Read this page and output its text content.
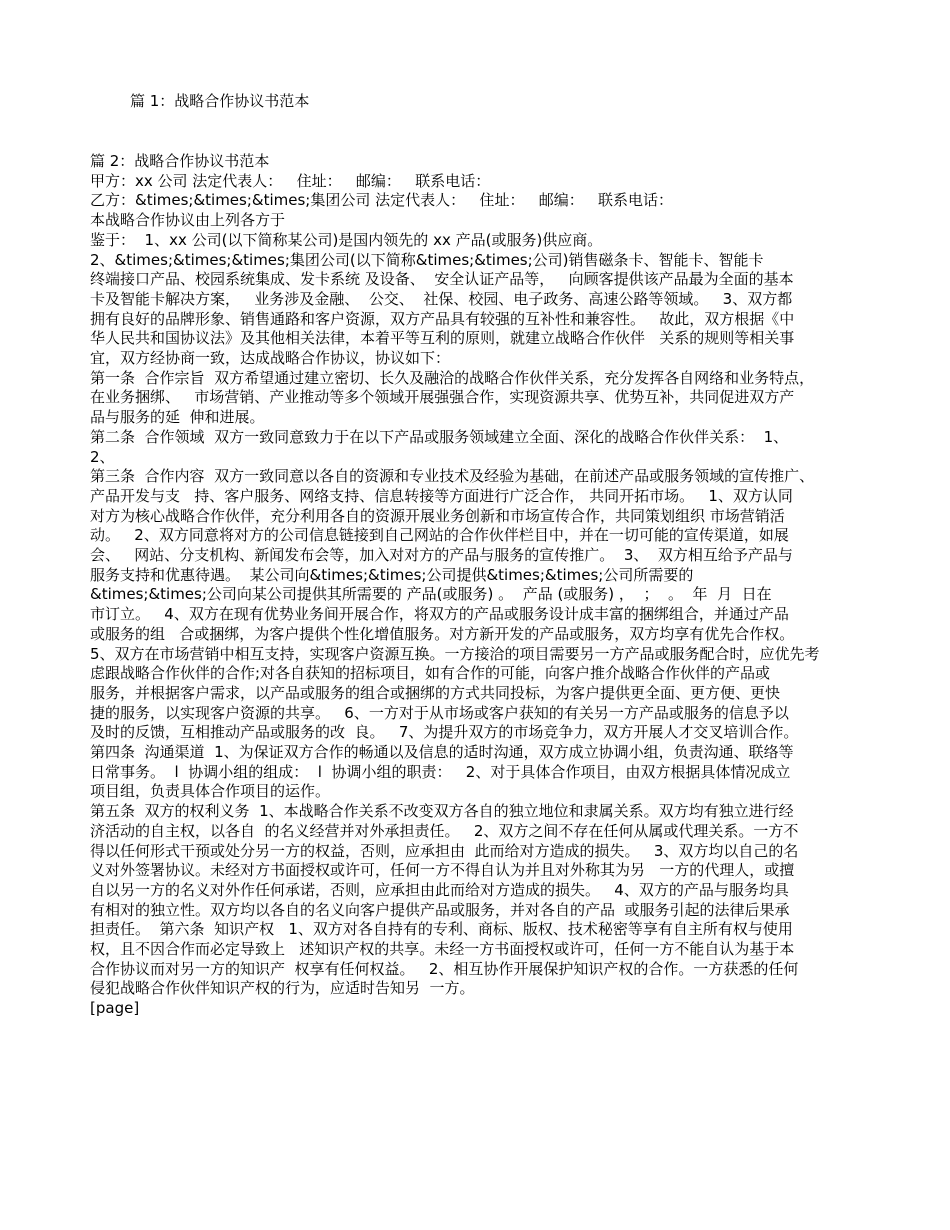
篇 1：战略合作协议书范本
篇 2：战略合作协议书范本
甲方：xx 公司 法定代表人：   住址：   邮编：   联系电话：
乙方：&times;&times;&times;集团公司 法定代表人：   住址：   邮编：   联系电话：
本战略合作协议由上列各方于
鉴于：  1、xx 公司(以下简称某公司)是国内领先的 xx 产品(或服务)供应商。
2、&times;&times;&times;集团公司(以下简称&times;&times;公司)销售磁条卡、智能卡、智能卡
终端接口产品、校园系统集成、发卡系统 及设备、  安全认证产品等，   向顾客提供该产品最为全面的基本
卡及智能卡解决方案，   业务涉及金融、  公交、  社保、校园、电子政务、高速公路等领域。   3、双方都
拥有良好的品牌形象、销售通路和客户资源，双方产品具有较强的互补性和兼容性。   故此，双方根据《中
华人民共和国协议法》及其他相关法律，本着平等互利的原则，就建立战略合作伙伴   关系的规则等相关事
宜，双方经协商一致，达成战略合作协议，协议如下：
第一条  合作宗旨  双方希望通过建立密切、长久及融洽的战略合作伙伴关系，充分发挥各自网络和业务特点，
在业务捆绑、   市场营销、产业推动等多个领域开展强强合作，实现资源共享、优势互补，共同促进双方产
品与服务的延  伸和进展。
第二条  合作领域  双方一致同意致力于在以下产品或服务领域建立全面、深化的战略合作伙伴关系：  1、
2、
第三条  合作内容  双方一致同意以各自的资源和专业技术及经验为基础，在前述产品或服务领域的宣传推广、
产品开发与支   持、客户服务、网络支持、信息转接等方面进行广泛合作， 共同开拓市场。   1、双方认同
对方为核心战略合作伙伴，充分利用各自的资源开展业务创新和市场宣传合作，共同策划组织 市场营销活
动。   2、双方同意将对方的公司信息链接到自己网站的合作伙伴栏目中，并在一切可能的宣传渠道，如展
会、   网站、分支机构、新闻发布会等，加入对对方的产品与服务的宣传推广。  3、  双方相互给予产品与
服务支持和优惠待遇。  某公司向&times;&times;公司提供&times;&times;公司所需要的
&times;&times;公司向某公司提供其所需要的 产品(或服务) 。  产品 (或服务) ，  ；  。  年  月  日在
市订立。   4、双方在现有优势业务间开展合作，将双方的产品或服务设计成丰富的捆绑组合，并通过产品
或服务的组   合或捆绑，为客户提供个性化增值服务。对方新开发的产品或服务，双方均享有优先合作权。
5、双方在市场营销中相互支持，实现客户资源互换。一方接洽的项目需要另一方产品或服务配合时，应优先考
虑跟战略合作伙伴的合作;对各自获知的招标项目，如有合作的可能，向客户推介战略合作伙伴的产品或
服务，并根据客户需求，以产品或服务的组合或捆绑的方式共同投标，为客户提供更全面、更方便、更快
捷的服务，以实现客户资源的共享。   6、一方对于从市场或客户获知的有关另一方产品或服务的信息予以
及时的反馈，互相推动产品或服务的改  良。   7、为提升双方的市场竞争力，双方开展人才交叉培训合作。
第四条  沟通渠道  1、为保证双方合作的畅通以及信息的适时沟通，双方成立协调小组，负责沟通、联络等
日常事务。  l  协调小组的组成：  l  协调小组的职责：   2、对于具体合作项目，由双方根据具体情况成立
项目组，负责具体合作项目的运作。
第五条  双方的权利义务  1、本战略合作关系不改变双方各自的独立地位和隶属关系。双方均有独立进行经
济活动的自主权，以各自  的名义经营并对外承担责任。   2、双方之间不存在任何从属或代理关系。一方不
得以任何形式干预或处分另一方的权益，否则，应承担由  此而给对方造成的损失。   3、双方均以自己的名
义对外签署协议。未经对方书面授权或许可，任何一方不得自认为并且对外称其为另   一方的代理人，或擅
自以另一方的名义对外作任何承诺，否则，应承担由此而给对方造成的损失。   4、双方的产品与服务均具
有相对的独立性。双方均以各自的名义向客户提供产品或服务，并对各自的产品  或服务引起的法律后果承
担责任。  第六条  知识产权   1、双方对各自持有的专利、商标、版权、技术秘密等享有自主所有权与使用
权，且不因合作而必定导致上   述知识产权的共享。未经一方书面授权或许可，任何一方不能自认为基于本
合作协议而对另一方的知识产  权享有任何权益。   2、相互协作开展保护知识产权的合作。一方获悉的任何
侵犯战略合作伙伴知识产权的行为，应适时告知另  一方。
[page]
